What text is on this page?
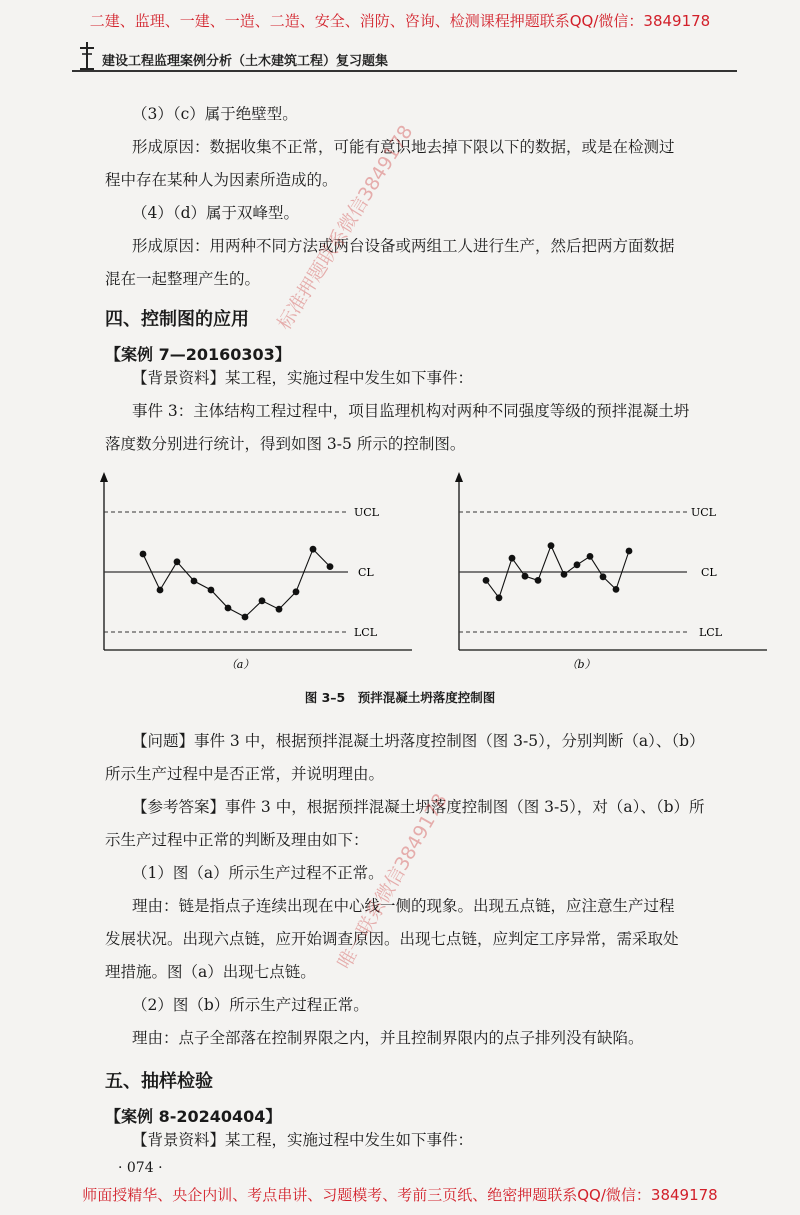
二建、监理、一建、一造、二造、安全、消防、咨询、检测课程押题联系QQ/微信：3849178
建设工程监理案例分析（土木建筑工程）复习题集
（3）（c）属于绝壁型。
形成原因：数据收集不正常，可能有意识地去掉下限以下的数据，或是在检测过
程中存在某种人为因素所造成的。
（4）（d）属于双峰型。
形成原因：用两种不同方法或两台设备或两组工人进行生产，然后把两方面数据
混在一起整理产生的。
四、控制图的应用
【案例 7—20160303】
【背景资料】某工程，实施过程中发生如下事件：
事件 3：主体结构工程过程中，项目监理机构对两种不同强度等级的预拌混凝土坍
落度数分别进行统计，得到如图 3-5 所示的控制图。
UCL
CL
LCL
（a）
UCL
CL
LCL
（b）
图 3–5　预拌混凝土坍落度控制图
【问题】事件 3 中，根据预拌混凝土坍落度控制图（图 3-5），分别判断（a）、（b）
所示生产过程中是否正常，并说明理由。
【参考答案】事件 3 中，根据预拌混凝土坍落度控制图（图 3-5），对（a）、（b）所
示生产过程中正常的判断及理由如下：
（1）图（a）所示生产过程不正常。
理由：链是指点子连续出现在中心线一侧的现象。出现五点链，应注意生产过程
发展状况。出现六点链，应开始调查原因。出现七点链，应判定工序异常，需采取处
理措施。图（a）出现七点链。
（2）图（b）所示生产过程正常。
理由：点子全部落在控制界限之内，并且控制界限内的点子排列没有缺陷。
五、抽样检验
【案例 8-20240404】
【背景资料】某工程，实施过程中发生如下事件：
· 074 ·
师面授精华、央企内训、考点串讲、习题模考、考前三页纸、绝密押题联系QQ/微信：3849178
标准押题联系微信3849178
唯一联系微信3849178
